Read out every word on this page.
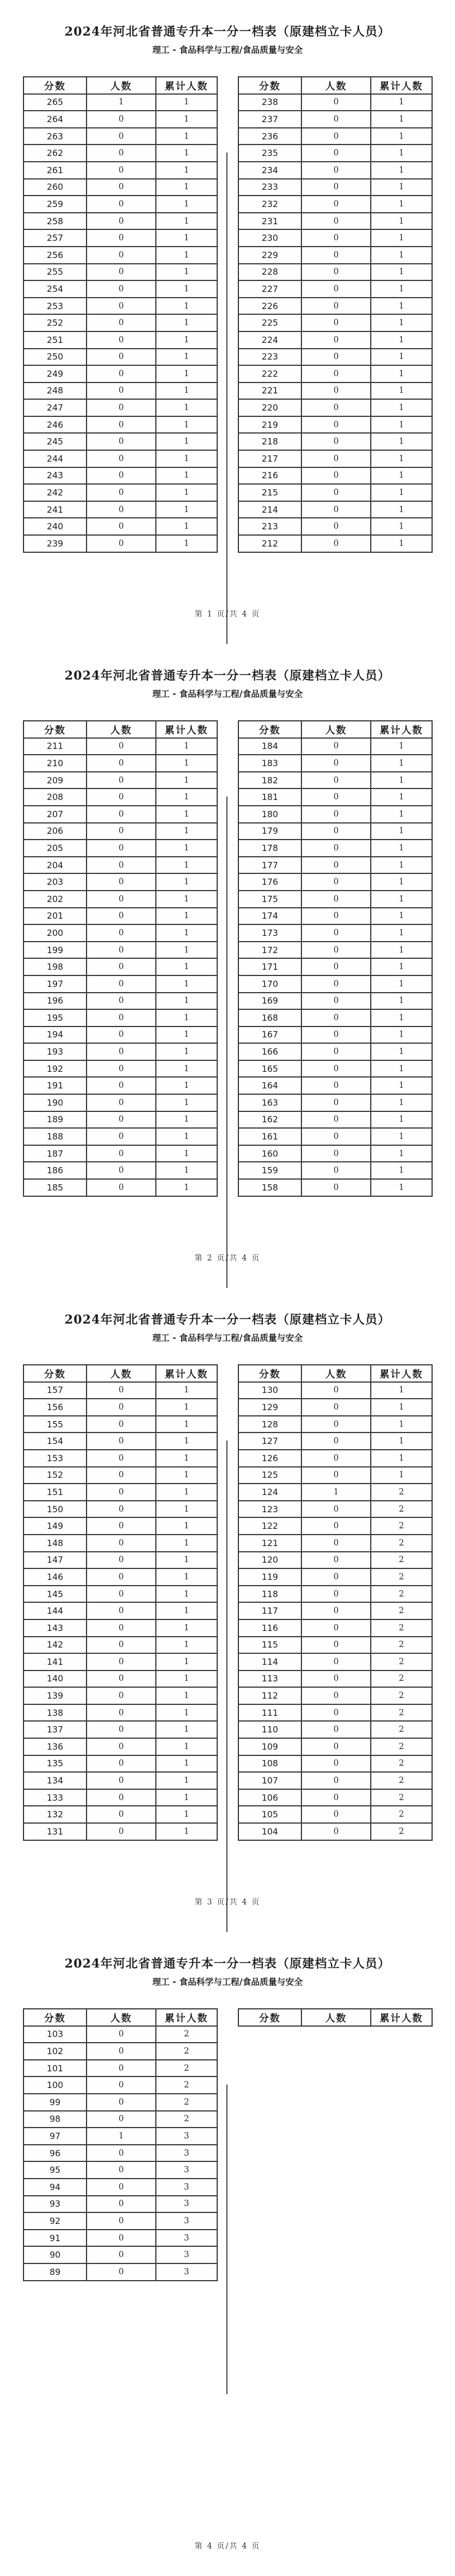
2024年河北省普通专升本一分一档表（原建档立卡人员）
理工 - 食品科学与工程/食品质量与安全
分数	人数	累计人数
265	1	1
264	0	1
263	0	1
262	0	1
261	0	1
260	0	1
259	0	1
258	0	1
257	0	1
256	0	1
255	0	1
254	0	1
253	0	1
252	0	1
251	0	1
250	0	1
249	0	1
248	0	1
247	0	1
246	0	1
245	0	1
244	0	1
243	0	1
242	0	1
241	0	1
240	0	1
239	0	1
分数	人数	累计人数
238	0	1
237	0	1
236	0	1
235	0	1
234	0	1
233	0	1
232	0	1
231	0	1
230	0	1
229	0	1
228	0	1
227	0	1
226	0	1
225	0	1
224	0	1
223	0	1
222	0	1
221	0	1
220	0	1
219	0	1
218	0	1
217	0	1
216	0	1
215	0	1
214	0	1
213	0	1
212	0	1
第 1 页/共 4 页
2024年河北省普通专升本一分一档表（原建档立卡人员）
理工 - 食品科学与工程/食品质量与安全
分数	人数	累计人数
211	0	1
210	0	1
209	0	1
208	0	1
207	0	1
206	0	1
205	0	1
204	0	1
203	0	1
202	0	1
201	0	1
200	0	1
199	0	1
198	0	1
197	0	1
196	0	1
195	0	1
194	0	1
193	0	1
192	0	1
191	0	1
190	0	1
189	0	1
188	0	1
187	0	1
186	0	1
185	0	1
分数	人数	累计人数
184	0	1
183	0	1
182	0	1
181	0	1
180	0	1
179	0	1
178	0	1
177	0	1
176	0	1
175	0	1
174	0	1
173	0	1
172	0	1
171	0	1
170	0	1
169	0	1
168	0	1
167	0	1
166	0	1
165	0	1
164	0	1
163	0	1
162	0	1
161	0	1
160	0	1
159	0	1
158	0	1
第 2 页/共 4 页
2024年河北省普通专升本一分一档表（原建档立卡人员）
理工 - 食品科学与工程/食品质量与安全
分数	人数	累计人数
157	0	1
156	0	1
155	0	1
154	0	1
153	0	1
152	0	1
151	0	1
150	0	1
149	0	1
148	0	1
147	0	1
146	0	1
145	0	1
144	0	1
143	0	1
142	0	1
141	0	1
140	0	1
139	0	1
138	0	1
137	0	1
136	0	1
135	0	1
134	0	1
133	0	1
132	0	1
131	0	1
分数	人数	累计人数
130	0	1
129	0	1
128	0	1
127	0	1
126	0	1
125	0	1
124	1	2
123	0	2
122	0	2
121	0	2
120	0	2
119	0	2
118	0	2
117	0	2
116	0	2
115	0	2
114	0	2
113	0	2
112	0	2
111	0	2
110	0	2
109	0	2
108	0	2
107	0	2
106	0	2
105	0	2
104	0	2
第 3 页/共 4 页
2024年河北省普通专升本一分一档表（原建档立卡人员）
理工 - 食品科学与工程/食品质量与安全
分数	人数	累计人数
103	0	2
102	0	2
101	0	2
100	0	2
99	0	2
98	0	2
97	1	3
96	0	3
95	0	3
94	0	3
93	0	3
92	0	3
91	0	3
90	0	3
89	0	3
分数	人数	累计人数
第 4 页/共 4 页
